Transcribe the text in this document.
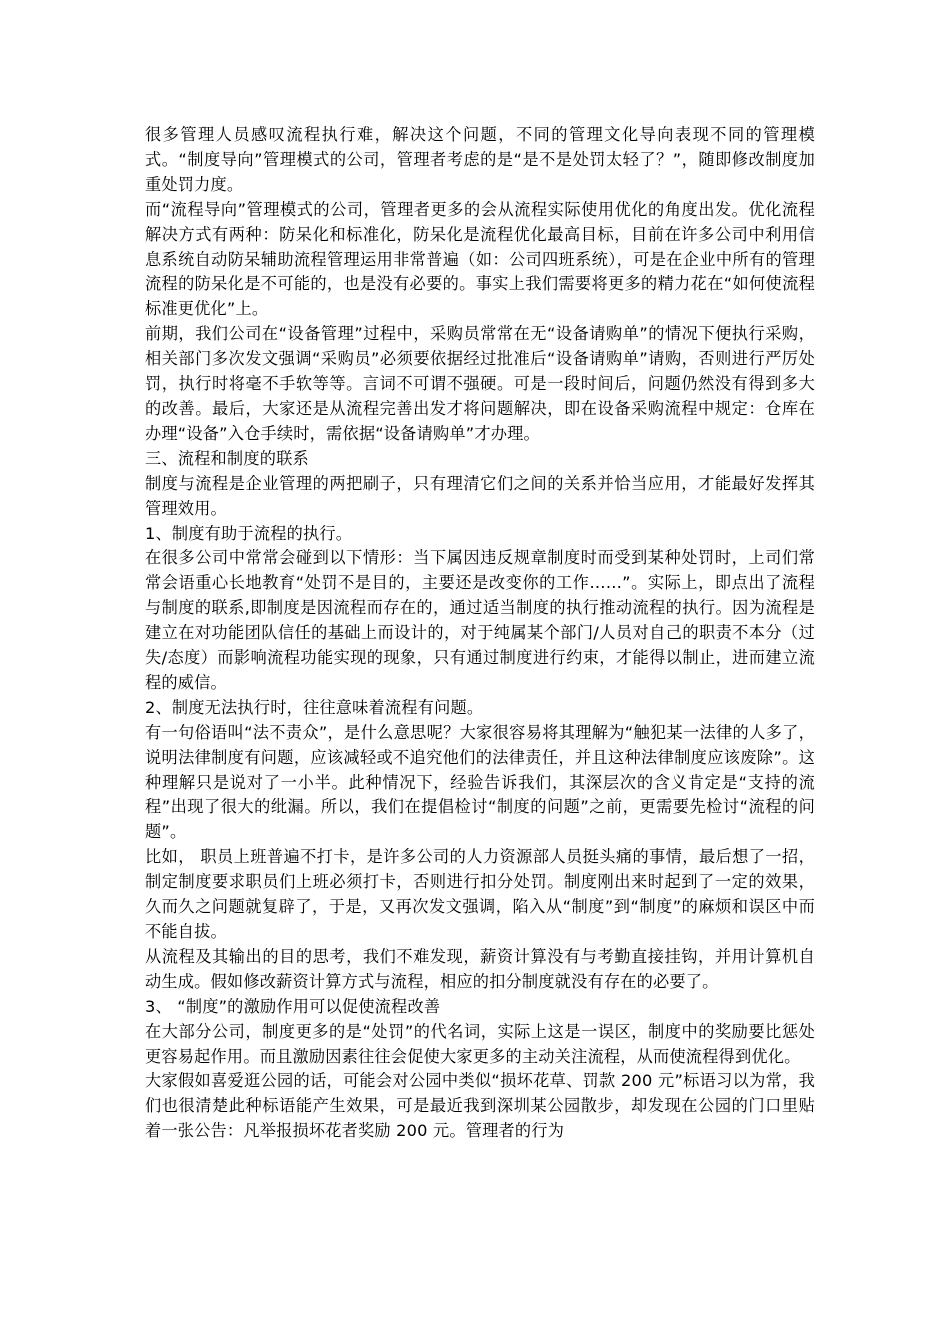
很多管理人员感叹流程执行难，解决这个问题，不同的管理文化导向表现不同的管理模式。“制度导向”管理模式的公司，管理者考虑的是“是不是处罚太轻了？”，随即修改制度加重处罚力度。

而“流程导向”管理模式的公司，管理者更多的会从流程实际使用优化的角度出发。优化流程解决方式有两种：防呆化和标准化，防呆化是流程优化最高目标，目前在许多公司中利用信息系统自动防呆辅助流程管理运用非常普遍（如：公司四班系统），可是在企业中所有的管理流程的防呆化是不可能的，也是没有必要的。事实上我们需要将更多的精力花在“如何使流程标准更优化”上。

前期，我们公司在“设备管理”过程中，采购员常常在无“设备请购单”的情况下便执行采购，相关部门多次发文强调“采购员”必须要依据经过批准后“设备请购单”请购，否则进行严厉处罚，执行时将毫不手软等等。言词不可谓不强硬。可是一段时间后，问题仍然没有得到多大的改善。最后，大家还是从流程完善出发才将问题解决，即在设备采购流程中规定：仓库在办理“设备”入仓手续时，需依据“设备请购单”才办理。

三、流程和制度的联系

制度与流程是企业管理的两把刷子，只有理清它们之间的关系并恰当应用，才能最好发挥其管理效用。

1、制度有助于流程的执行。

在很多公司中常常会碰到以下情形：当下属因违反规章制度时而受到某种处罚时，上司们常常会语重心长地教育“处罚不是目的，主要还是改变你的工作……”。实际上，即点出了流程与制度的联系,即制度是因流程而存在的，通过适当制度的执行推动流程的执行。因为流程是建立在对功能团队信任的基础上而设计的，对于纯属某个部门/人员对自己的职责不本分（过失/态度）而影响流程功能实现的现象，只有通过制度进行约束，才能得以制止，进而建立流程的威信。

2、制度无法执行时，往往意味着流程有问题。

有一句俗语叫“法不责众”，是什么意思呢？大家很容易将其理解为“触犯某一法律的人多了，说明法律制度有问题，应该减轻或不追究他们的法律责任，并且这种法律制度应该废除”。这种理解只是说对了一小半。此种情况下，经验告诉我们，其深层次的含义肯定是“支持的流程”出现了很大的纰漏。所以，我们在提倡检讨“制度的问题”之前，更需要先检讨“流程的问题”。

比如， 职员上班普遍不打卡，是许多公司的人力资源部人员挺头痛的事情，最后想了一招，制定制度要求职员们上班必须打卡，否则进行扣分处罚。制度刚出来时起到了一定的效果，久而久之问题就复辟了，于是，又再次发文强调，陷入从“制度”到“制度”的麻烦和误区中而不能自拔。

从流程及其输出的目的思考，我们不难发现，薪资计算没有与考勤直接挂钩，并用计算机自动生成。假如修改薪资计算方式与流程，相应的扣分制度就没有存在的必要了。

3、 “制度”的激励作用可以促使流程改善

在大部分公司，制度更多的是“处罚”的代名词，实际上这是一误区，制度中的奖励要比惩处更容易起作用。而且激励因素往往会促使大家更多的主动关注流程，从而使流程得到优化。

大家假如喜爱逛公园的话，可能会对公园中类似“损坏花草、罚款 200 元”标语习以为常，我们也很清楚此种标语能产生效果，可是最近我到深圳某公园散步，却发现在公园的门口里贴着一张公告：凡举报损坏花者奖励 200 元。管理者的行为
